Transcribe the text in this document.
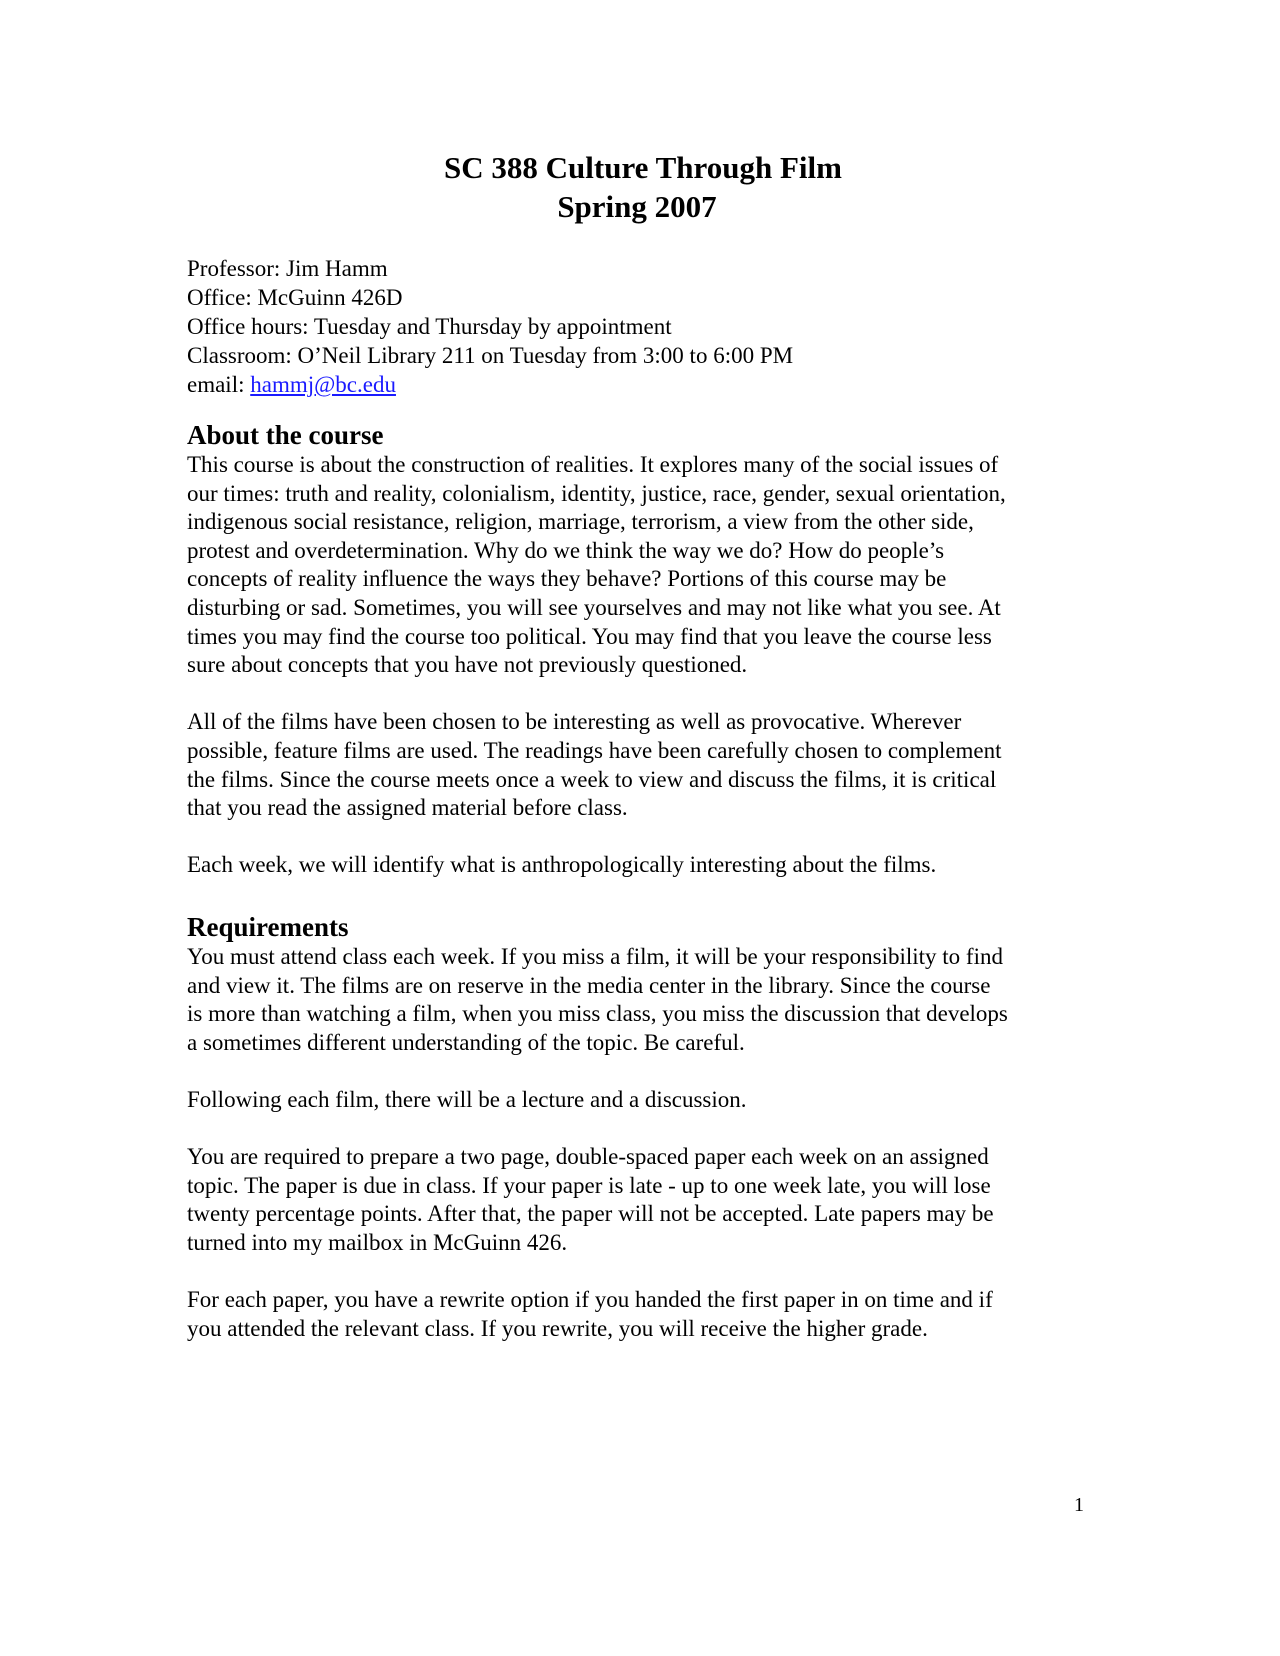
SC 388 Culture Through Film
Spring 2007
Professor: Jim Hamm
Office: McGuinn 426D
Office hours: Tuesday and Thursday by appointment
Classroom: O’Neil Library 211 on Tuesday from 3:00 to 6:00 PM
email: hammj@bc.edu
About the course

This course is about the construction of realities. It explores many of the social issues of
our times: truth and reality, colonialism, identity, justice, race, gender, sexual orientation,
indigenous social resistance, religion, marriage, terrorism, a view from the other side,
protest and overdetermination. Why do we think the way we do? How do people’s
concepts of reality influence the ways they behave? Portions of this course may be
disturbing or sad. Sometimes, you will see yourselves and may not like what you see. At
times you may find the course too political. You may find that you leave the course less
sure about concepts that you have not previously questioned.

All of the films have been chosen to be interesting as well as provocative. Wherever
possible, feature films are used. The readings have been carefully chosen to complement
the films. Since the course meets once a week to view and discuss the films, it is critical
that you read the assigned material before class.

Each week, we will identify what is anthropologically interesting about the films.

Requirements

You must attend class each week. If you miss a film, it will be your responsibility to find
and view it. The films are on reserve in the media center in the library. Since the course
is more than watching a film, when you miss class, you miss the discussion that develops
a sometimes different understanding of the topic. Be careful.

Following each film, there will be a lecture and a discussion.

You are required to prepare a two page, double-spaced paper each week on an assigned
topic. The paper is due in class. If your paper is late - up to one week late, you will lose
twenty percentage points. After that, the paper will not be accepted. Late papers may be
turned into my mailbox in McGuinn 426.

For each paper, you have a rewrite option if you handed the first paper in on time and if
you attended the relevant class. If you rewrite, you will receive the higher grade.

1
